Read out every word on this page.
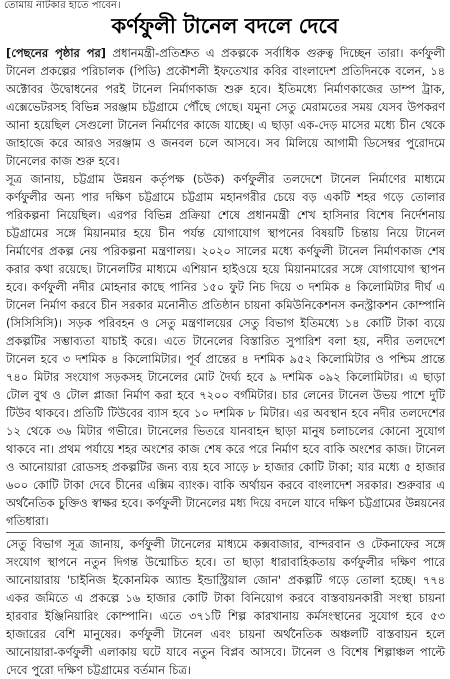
তোমায় নাটকার হাতে পাবেন।
কর্ণফুলী টানেল বদলে দেবে

[পেছনের পৃষ্ঠার পর] প্রধানমন্ত্রী-প্রতিশ্রুত এ প্রকল্পকে সর্বাধিক গুরুত্ব দিচ্ছেন তারা। কর্ণফুলী টানেল প্রকল্পের পরিচালক (পিডি) প্রকৌশলী ইফতেখার কবির বাংলাদেশ প্রতিদিনকে বলেন, ১৪ অক্টোবর উদ্বোধনের পরই টানেল নির্মাণকাজ শুরু হবে। ইতিমধ্যে নির্মাণকাজের ডাম্প ট্রাক, এক্সেভেটরসহ বিভিন্ন সরঞ্জাম চট্টগ্রামে পৌঁছে গেছে। যমুনা সেতু মেরামতের সময় যেসব উপকরণ আনা হয়েছিল সেগুলো টানেল নির্মাণের কাজে যাচ্ছে। এ ছাড়া এক-দেড় মাসের মধ্যে চীন থেকে জাহাজে করে আরও সরঞ্জাম ও জনবল চলে আসবে। সব মিলিয়ে আগামী ডিসেম্বর পুরোদমে টানেলের কাজ শুরু হবে।

সূত্র জানায়, চট্টগ্রাম উন্নয়ন কর্তৃপক্ষ (চউক) কর্ণফুলীর তলদেশে টানেল নির্মাণের মাধ্যমে কর্ণফুলীর অন্য পার দক্ষিণ চট্টগ্রামে চট্টগ্রাম মহানগরীর চেয়ে বড় একটি শহর গড়ে তোলার পরিকল্পনা নিয়েছিল। এরপর বিভিন্ন প্রক্রিয়া শেষে প্রধানমন্ত্রী শেখ হাসিনার বিশেষ নির্দেশনায় চট্টগ্রামের সঙ্গে মিয়ানমার হয়ে চীন পর্যন্ত যোগাযোগ স্থাপনের বিষয়টি চিন্তায় নিয়ে টানেল নির্মাণের প্রকল্প নেয় পরিকল্পনা মন্ত্রণালয়। ২০২০ সালের মধ্যে কর্ণফুলী টানেল নির্মাণকাজ শেষ করার কথা রয়েছে। টানেলটির মাধ্যমে এশিয়ান হাইওয়ে হয়ে মিয়ানমারের সঙ্গে যোগাযোগ স্থাপন হবে। কর্ণফুলী নদীর মোহনার কাছে পানির ১৫০ ফুট নিচ দিয়ে ৩ দশমিক ৪ কিলোমিটার দীর্ঘ এ টানেল নির্মাণ করবে চীন সরকার মনোনীত প্রতিষ্ঠান চায়না কমিউনিকেশনস কনস্ট্রাকশন কোম্পানি (সিসিসিসি)। সড়ক পরিবহন ও সেতু মন্ত্রণালয়ের সেতু বিভাগ ইতিমধ্যে ১৪ কোটি টাকা ব্যয়ে প্রকল্পটির সম্ভাব্যতা যাচাই করে। এতে টানেলের বিস্তারিত সুপারিশ বলা হয়, নদীর তলদেশে টানেল হবে ৩ দশমিক ৪ কিলোমিটার। পূর্ব প্রান্তের ৪ দশমিক ৯৫২ কিলোমিটার ও পশ্চিম প্রান্তে ৭৪০ মিটার সংযোগ সড়কসহ টানেলের মোট দৈর্ঘ্য হবে ৯ দশমিক ০৯২ কিলোমিটার। এ ছাড়া টোল বুথ ও টোল প্লাজা নির্মাণ করা হবে ৭২০০ বর্গমিটার। চার লেনের টানেল উভয় পাশে দুটি টিউব থাকবে। প্রতিটি টিউবের ব্যাস হবে ১০ দশমিক ৮ মিটার। এর অবস্থান হবে নদীর তলদেশের ১২ থেকে ৩৬ মিটার গভীরে। টানেলের ভিতরে যানবাহন ছাড়া মানুষ চলাচলের কোনো সুযোগ থাকবে না। প্রথম পর্যায়ে শহর অংশের কাজ শেষ করে পরে নির্মাণ হবে বাকি অংশের কাজ। টানেল ও আনোয়ারা রোডসহ প্রকল্পটির জন্য ব্যয় হবে সাড়ে ৮ হাজার কোটি টাকা; যার মধ্যে ৫ হাজার ৬০০ কোটি টাকা দেবে চীনের এক্সিম ব্যাংক। বাকি অর্থায়ন করবে বাংলাদেশ সরকার। শুরুবার এ অর্থনৈতিক চুক্তিও স্বাক্ষর হবে। কর্ণফুলী টানেলের মধ্য দিয়ে বদলে যাবে দক্ষিণ চট্টগ্রামের উন্নয়নের গতিধারা।

সেতু বিভাগ সূত্র জানায়, কর্ণফুলী টানেলের মাধ্যমে কক্সবাজার, বান্দরবান ও টেকনাফের সঙ্গে সংযোগ স্থাপনে নতুন দিগন্ত উন্মোচিত হবে। তা ছাড়া ধারাবাহিকতায় কর্ণফুলীর দক্ষিণ পারে আনোয়ারায় 'চাইনিজ ইকোনমিক অ্যান্ড ইন্ডাস্ট্রিয়াল জোন' প্রকল্পটি গড়ে তোলা হচ্ছে। ৭৭৪ একর জমিতে এ প্রকল্পে ১৬ হাজার কোটি টাকা বিনিয়োগ করবে বাস্তবায়নকারী সংস্থা চায়না হারবার ইঞ্জিনিয়ারিং কোম্পানি। এতে ৩৭১টি শিল্প কারখানায় কর্মসংস্থানের সুযোগ হবে ৫৩ হাজারের বেশি মানুষের। কর্ণফুলী টানেল এবং চায়না অর্থনৈতিক অঞ্চলটি বাস্তবায়ন হলে আনোয়ারা-কর্ণফুলী এলাকায় ঘটে যাবে নতুন বিপ্লব আসবে। টানেল ও বিশেষ শিল্পাঞ্চল পাল্টে দেবে পুরো দক্ষিণ চট্টগ্রামের বর্তমান চিত্র।
